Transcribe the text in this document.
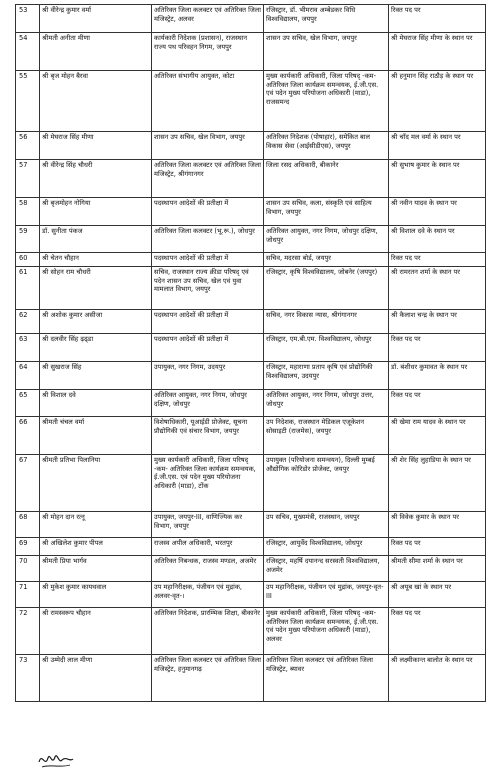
53	श्री वीरेन्द्र कुमार वर्मा	अतिरिक्त जिला कलक्टर एवं अतिरिक्त जिला मजिस्ट्रेट, अलवर	रजिस्ट्रार, डॉ. भीमराव अम्बेडकर विधि विश्वविद्यालय, जयपुर	रिक्त पद पर
54	श्रीमती अनीता मीणा	कार्यकारी निदेशक (प्रशासन), राजस्थान राज्य पथ परिवहन निगम, जयपुर	शासन उप सचिव, खेल विभाग, जयपुर	श्री मेघराज सिंह मीणा के स्थान पर
55	श्री बृज मोहन बैरवा	अतिरिक्त संभागीय आयुक्त, कोटा	मुख्य कार्यकारी अधिकारी, जिला परिषद् -कम- अतिरिक्त जिला कार्यक्रम समन्वयक, ई.जी.एस. एवं पदेन मुख्य परियोजना अधिकारी (माडा), राजसमन्द	श्री हनुमान सिंह राठौड़ के स्थान पर
56	श्री मेघराज सिंह मीणा	शासन उप सचिव, खेल विभाग, जयपुर	अतिरिक्त निदेशक (पोषाहार), समेकित बाल विकास सेवा (आईसीडीएस), जयपुर	श्री चाँद मल वर्मा के स्थान पर
57	श्री वीरेन्द्र सिंह चौधरी	अतिरिक्त जिला कलक्टर एवं अतिरिक्त जिला मजिस्ट्रेट, श्रीगंगानगर	जिला रसद अधिकारी, बीकानेर	श्री सुभाष कुमार के स्थान पर
58	श्री बृजमोहन नोगिया	पदस्थापन आदेशों की प्रतीक्षा में	शासन उप सचिव, कला, संस्कृति एवं साहित्य विभाग, जयपुर	श्री नवीन यादव के स्थान पर
59	डॉ. सुनीता पंकज	अतिरिक्त जिला कलक्टर (भू.रू.), जोधपुर	अतिरिक्त आयुक्त, नगर निगम, जोधपुर दक्षिण, जोधपुर	श्री विशाल दवे के स्थान पर
60	श्री चेतन चौहान	पदस्थापन आदेशों की प्रतीक्षा में	सचिव, मदरसा बोर्ड, जयपुर	रिक्त पद पर
61	श्री सोहन राम चौधरी	सचिव, राजस्थान राज्य क्रीडा परिषद् एवं पदेन शासन उप सचिव, खेल एवं युवा मामलात विभाग, जयपुर	रजिस्ट्रार, कृषि विश्वविद्यालय, जोबनेर (जयपुर)	श्री रामरतन शर्मा के स्थान पर
62	श्री अशोक कुमार असीजा	पदस्थापन आदेशों की प्रतीक्षा में	सचिव, नगर विकास न्यास, श्रीगंगानगर	श्री कैलाश चन्द्र के स्थान पर
63	श्री दलवीर सिंह ढ़ढ्डा	पदस्थापन आदेशों की प्रतीक्षा में	रजिस्ट्रार, एम.बी.एम. विश्वविद्यालय, जोधपुर	रिक्त पद पर
64	श्री सुखराज सिंह	उपायुक्त, नगर निगम, उदयपुर	रजिस्ट्रार, महाराणा प्रताप कृषि एवं प्रोद्योगिकी विश्वविद्यालय, उदयपुर	डॉ. बंशीधर कुमावत के स्थान पर
65	श्री विशाल दवे	अतिरिक्त आयुक्त, नगर निगम, जोधपुर दक्षिण, जोधपुर	अतिरिक्त आयुक्त, नगर निगम, जोधपुर उत्तर, जोधपुर	रिक्त पद पर
66	श्रीमती चंचल वर्मा	विशेषाधिकारी, यूआईडी प्रोजेक्ट, सूचना प्रौद्योगिकी एवं संचार विभाग, जयपुर	उप निदेशक, राजस्थान मेडिकल एजूकेशन सोसाइटी (राजमेस), जयपुर	श्री खेमा राम यादव के स्थान पर
67	श्रीमती प्रतिभा पिलानिया	मुख्य कार्यकारी अधिकारी, जिला परिषद् -कम- अतिरिक्त जिला कार्यक्रम समन्वयक, ई.जी.एस. एवं पदेन मुख्य परियोजना अधिकारी (माडा), टोंक	उपायुक्त (परियोजना समन्वयन), दिल्ली मुम्बई औद्योगिक कोरिडोर प्रोजेक्ट, जयपुर	श्री शेर सिंह लुहाडिया के स्थान पर
68	श्री मोहन दान रत्नू	उपायुक्त, जयपुर-III, वाणिज्यिक कर विभाग, जयपुर	उप सचिव, मुख्यमंत्री, राजस्थान, जयपुर	श्री विवेक कुमार के स्थान पर
69	श्री अखिलेश कुमार पीपल	राजस्व अपील अधिकारी, भरतपुर	रजिस्ट्रार, आयुर्वेद विश्वविद्यालय, जोधपुर	रिक्त पद पर
70	श्रीमती प्रिया भार्गव	अतिरिक्त निबन्धक, राजस्व मण्डल, अजमेर	रजिस्ट्रार, महर्षि दयानन्द सरस्वती विश्वविद्यालय, अजमेर	श्रीमती सीमा शर्मा के स्थान पर
71	श्री मुकेश कुमार कायथवाल	उप महानिरीक्षक, पंजीयन एवं मुद्रांक, अलवर-वृत-।	उप महानिरीक्षक, पंजीयन एवं मुद्रांक, जयपुर-वृत-III	श्री अयूब खां के स्थान पर
72	श्री रामस्वरूप चौहान	अतिरिक्त निदेशक, प्रारम्भिक शिक्षा, बीकानेर	मुख्य कार्यकारी अधिकारी, जिला परिषद् -कम- अतिरिक्त जिला कार्यक्रम समन्वयक, ई.जी.एस. एवं पदेन मुख्य परियोजना अधिकारी (माडा), अलवर	रिक्त पद पर
73	श्री उम्मेदी लाल मीणा	अतिरिक्त जिला कलक्टर एवं अतिरिक्त जिला मजिस्ट्रेट, हनुमानगढ़	अतिरिक्त जिला कलक्टर एवं अतिरिक्त जिला मजिस्ट्रेट, ब्यावर	श्री लक्ष्मीकान्त बालोत के स्थान पर
